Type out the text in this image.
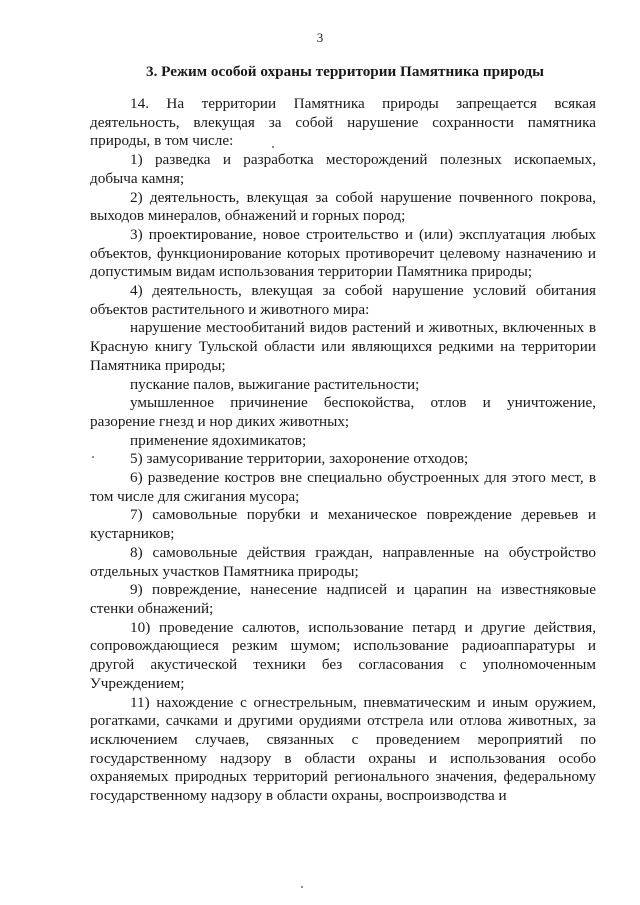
3
3. Режим особой охраны территории Памятника природы

14. На территории Памятника природы запрещается всякая деятельность, влекущая за собой нарушение сохранности памятника природы, в том числе:

1) разведка и разработка месторождений полезных ископаемых, добыча камня;

2) деятельность, влекущая за собой нарушение почвенного покрова, выходов минералов, обнажений и горных пород;

3) проектирование, новое строительство и (или) эксплуатация любых объектов, функционирование которых противоречит целевому назначению и допустимым видам использования территории Памятника природы;

4) деятельность, влекущая за собой нарушение условий обитания объектов растительного и животного мира:

нарушение местообитаний видов растений и животных, включенных в Красную книгу Тульской области или являющихся редкими на территории Памятника природы;

пускание палов, выжигание растительности;

умышленное причинение беспокойства, отлов и уничтожение, разорение гнезд и нор диких животных;

применение ядохимикатов;

5) замусоривание территории, захоронение отходов;

6) разведение костров вне специально обустроенных для этого мест, в том числе для сжигания мусора;

7) самовольные порубки и механическое повреждение деревьев и кустарников;

8) самовольные действия граждан, направленные на обустройство отдельных участков Памятника природы;

9) повреждение, нанесение надписей и царапин на известняковые стенки обнажений;

10) проведение салютов, использование петард и другие действия, сопровождающиеся резким шумом; использование радиоаппаратуры и другой акустической техники без согласования с уполномоченным Учреждением;

11) нахождение с огнестрельным, пневматическим и иным оружием, рогатками, сачками и другими орудиями отстрела или отлова животных, за исключением случаев, связанных с проведением мероприятий по государственному надзору в области охраны и использования особо охраняемых природных территорий регионального значения, федеральному государственному надзору в области охраны, воспроизводства и
